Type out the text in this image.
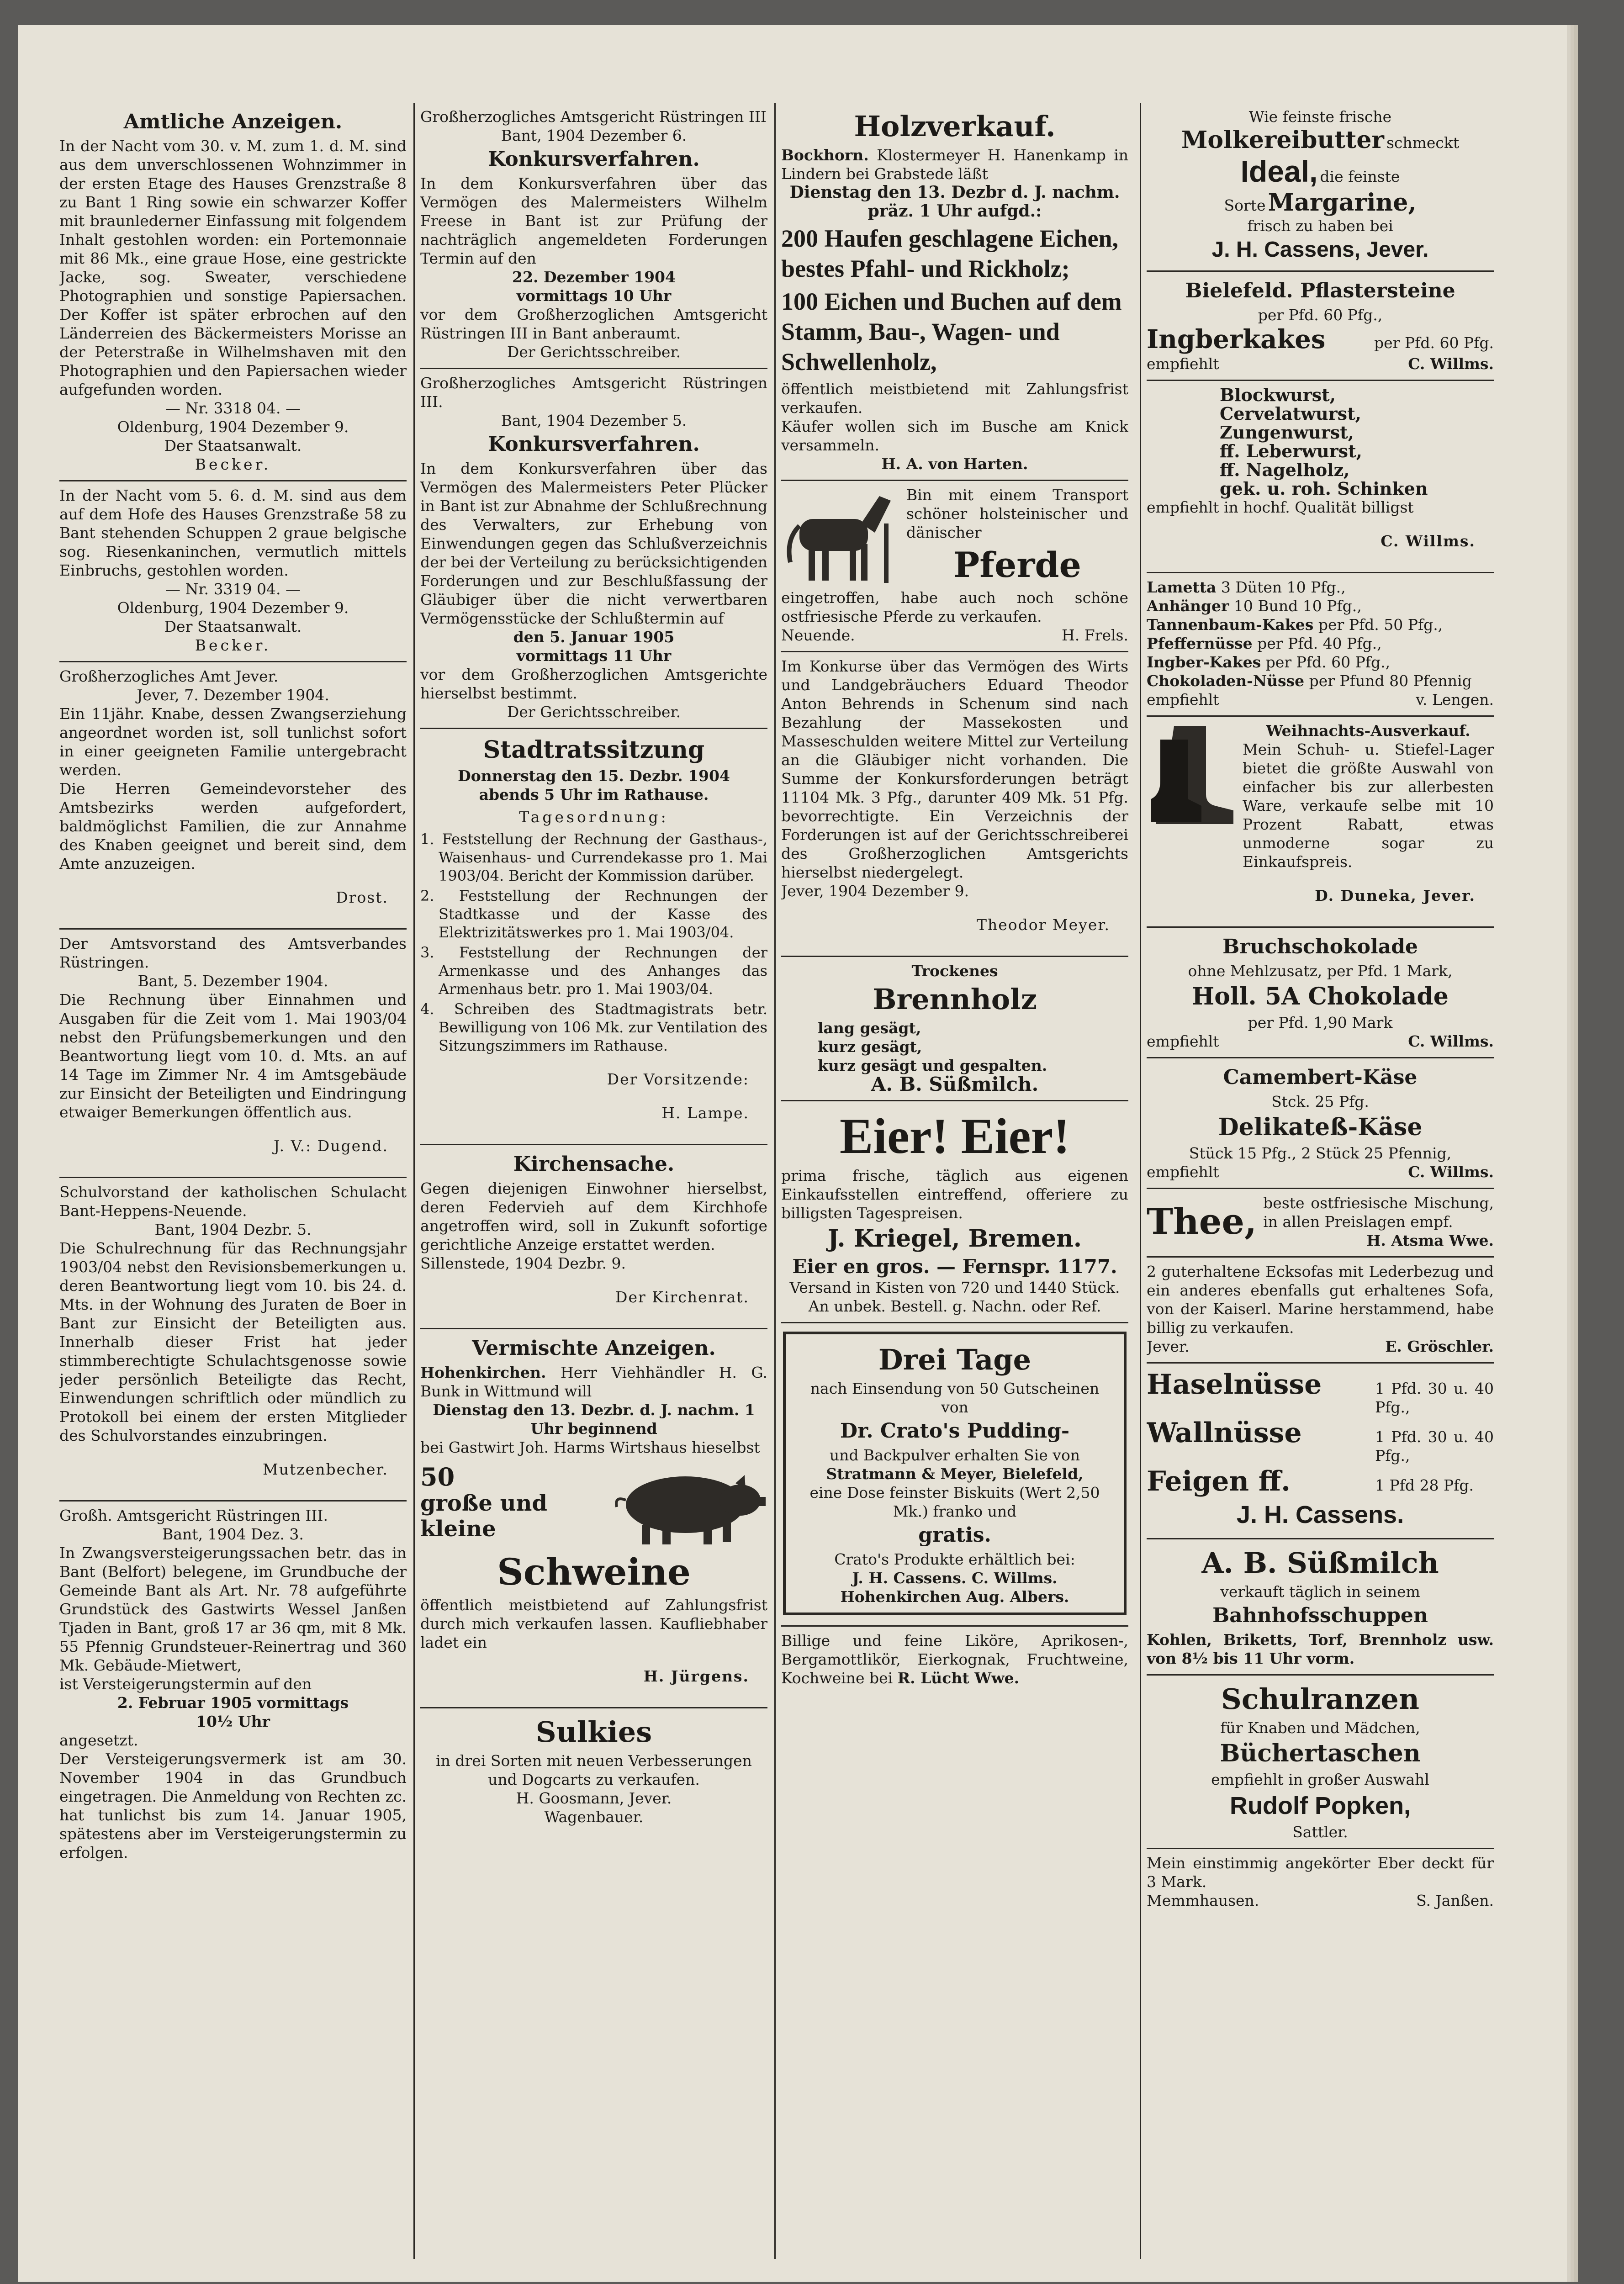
Amtliche Anzeigen.

In der Nacht vom 30. v. M. zum 1. d. M. sind aus dem unverschlossenen Wohnzimmer in der ersten Etage des Hauses Grenzstraße 8 zu Bant 1 Ring sowie ein schwarzer Koffer mit braunlederner Einfassung mit folgendem Inhalt gestohlen worden: ein Portemonnaie mit 86 Mk., eine graue Hose, eine gestrickte Jacke, sog. Sweater, verschiedene Photographien und sonstige Papiersachen. Der Koffer ist später erbrochen auf den Länderreien des Bäckermeisters Morisse an der Peterstraße in Wilhelmshaven mit den Photographien und den Papiersachen wieder aufgefunden worden.

— Nr. 3318 04. —

Oldenburg, 1904 Dezember 9.

Der Staatsanwalt.

Becker.

In der Nacht vom 5. 6. d. M. sind aus dem auf dem Hofe des Hauses Grenzstraße 58 zu Bant stehenden Schuppen 2 graue belgische sog. Riesenkaninchen, vermutlich mittels Einbruchs, gestohlen worden.

— Nr. 3319 04. —

Oldenburg, 1904 Dezember 9.

Der Staatsanwalt.

Becker.

Großherzogliches Amt Jever.

Jever, 7. Dezember 1904.

Ein 11jähr. Knabe, dessen Zwangserziehung angeordnet worden ist, soll tunlichst sofort in einer geeigneten Familie untergebracht werden.

Die Herren Gemeindevorsteher des Amtsbezirks werden aufgefordert, baldmöglichst Familien, die zur Annahme des Knaben geeignet und bereit sind, dem Amte anzuzeigen.

Drost.

Der Amtsvorstand des Amtsverbandes Rüstringen.

Bant, 5. Dezember 1904.

Die Rechnung über Einnahmen und Ausgaben für die Zeit vom 1. Mai 1903/04 nebst den Prüfungsbemerkungen und den Beantwortung liegt vom 10. d. Mts. an auf 14 Tage im Zimmer Nr. 4 im Amtsgebäude zur Einsicht der Beteiligten und Eindringung etwaiger Bemerkungen öffentlich aus.

J. V.: Dugend.

Schulvorstand der katholischen Schulacht Bant-Heppens-Neuende.

Bant, 1904 Dezbr. 5.

Die Schulrechnung für das Rechnungsjahr 1903/04 nebst den Revisionsbemerkungen u. deren Beantwortung liegt vom 10. bis 24. d. Mts. in der Wohnung des Juraten de Boer in Bant zur Einsicht der Beteiligten aus. Innerhalb dieser Frist hat jeder stimmberechtigte Schulachtsgenosse sowie jeder persönlich Beteiligte das Recht, Einwendungen schriftlich oder mündlich zu Protokoll bei einem der ersten Mitglieder des Schulvorstandes einzubringen.

Mutzenbecher.

Großh. Amtsgericht Rüstringen III.

Bant, 1904 Dez. 3.

In Zwangsversteigerungssachen betr. das in Bant (Belfort) belegene, im Grundbuche der Gemeinde Bant als Art. Nr. 78 aufgeführte Grundstück des Gastwirts Wessel Janßen Tjaden in Bant, groß 17 ar 36 qm, mit 8 Mk. 55 Pfennig Grundsteuer-Reinertrag und 360 Mk. Gebäude-Mietwert,

ist Versteigerungstermin auf den

2. Februar 1905 vormittags

10½ Uhr

angesetzt.

Der Versteigerungsvermerk ist am 30. November 1904 in das Grundbuch eingetragen. Die Anmeldung von Rechten zc. hat tunlichst bis zum 14. Januar 1905, spätestens aber im Versteigerungstermin zu erfolgen.

Großherzogliches Amtsgericht Rüstringen III

Bant, 1904 Dezember 6.

Konkursverfahren.

In dem Konkursverfahren über das Vermögen des Malermeisters Wilhelm Freese in Bant ist zur Prüfung der nachträglich angemeldeten Forderungen Termin auf den

22. Dezember 1904

vormittags 10 Uhr

vor dem Großherzoglichen Amtsgericht Rüstringen III in Bant anberaumt.

Der Gerichtsschreiber.

Großherzogliches Amtsgericht Rüstringen III.

Bant, 1904 Dezember 5.

Konkursverfahren.

In dem Konkursverfahren über das Vermögen des Malermeisters Peter Plücker in Bant ist zur Abnahme der Schlußrechnung des Verwalters, zur Erhebung von Einwendungen gegen das Schlußverzeichnis der bei der Verteilung zu berücksichtigenden Forderungen und zur Beschlußfassung der Gläubiger über die nicht verwertbaren Vermögensstücke der Schlußtermin auf

den 5. Januar 1905

vormittags 11 Uhr

vor dem Großherzoglichen Amtsgerichte hierselbst bestimmt.

Der Gerichtsschreiber.

Stadtratssitzung

Donnerstag den 15. Dezbr. 1904

abends 5 Uhr im Rathause.

Tagesordnung:

1. Feststellung der Rechnung der Gasthaus-, Waisenhaus- und Currendekasse pro 1. Mai 1903/04. Bericht der Kommission darüber.

2. Feststellung der Rechnungen der Stadtkasse und der Kasse des Elektrizitätswerkes pro 1. Mai 1903/04.

3. Feststellung der Rechnungen der Armenkasse und des Anhanges das Armenhaus betr. pro 1. Mai 1903/04.

4. Schreiben des Stadtmagistrats betr. Bewilligung von 106 Mk. zur Ventilation des Sitzungszimmers im Rathause.

Der Vorsitzende:

H. Lampe.

Kirchensache.

Gegen diejenigen Einwohner hierselbst, deren Federvieh auf dem Kirchhofe angetroffen wird, soll in Zukunft sofortige gerichtliche Anzeige erstattet werden.

Sillenstede, 1904 Dezbr. 9.

Der Kirchenrat.

Vermischte Anzeigen.

Hohenkirchen. Herr Viehhändler H. G. Bunk in Wittmund will

Dienstag den 13. Dezbr. d. J. nachm. 1 Uhr beginnend

bei Gastwirt Joh. Harms Wirtshaus hieselbst

50
große und
kleine
Schweine

öffentlich meistbietend auf Zahlungsfrist durch mich verkaufen lassen. Kaufliebhaber ladet ein

H. Jürgens.

Sulkies

in drei Sorten mit neuen Verbesserungen und Dogcarts zu verkaufen.

H. Goosmann, Jever.

Wagenbauer.

Holzverkauf.

Bockhorn. Klostermeyer H. Hanenkamp in Lindern bei Grabstede läßt

Dienstag den 13. Dezbr d. J. nachm. präz. 1 Uhr aufgd.:

200 Haufen geschlagene Eichen, bestes Pfahl- und Rickholz;

100 Eichen und Buchen auf dem Stamm, Bau-, Wagen- und Schwellenholz,

öffentlich meistbietend mit Zahlungsfrist verkaufen.

Käufer wollen sich im Busche am Knick versammeln.

H. A. von Harten.

Bin mit einem Transport schöner holsteinischer und dänischer

Pferde

eingetroffen, habe auch noch schöne ostfriesische Pferde zu verkaufen.

Neuende.	H. Frels.

Im Konkurse über das Vermögen des Wirts und Landgebräuchers Eduard Theodor Anton Behrends in Schenum sind nach Bezahlung der Massekosten und Masseschulden weitere Mittel zur Verteilung an die Gläubiger nicht vorhanden. Die Summe der Konkursforderungen beträgt 11104 Mk. 3 Pfg., darunter 409 Mk. 51 Pfg. bevorrechtigte. Ein Verzeichnis der Forderungen ist auf der Gerichtsschreiberei des Großherzoglichen Amtsgerichts hierselbst niedergelegt.

Jever, 1904 Dezember 9.

Theodor Meyer.

Trockenes

Brennholz

lang gesägt,

kurz gesägt,

kurz gesägt und gespalten.

A. B. Süßmilch.

Eier! Eier!

prima frische, täglich aus eigenen Einkaufsstellen eintreffend, offeriere zu billigsten Tagespreisen.

J. Kriegel, Bremen.

Eier en gros. — Fernspr. 1177.

Versand in Kisten von 720 und 1440 Stück.

An unbek. Bestell. g. Nachn. oder Ref.

Drei Tage

nach Einsendung von 50 Gutscheinen von

Dr. Crato's Pudding-

und Backpulver erhalten Sie von

Stratmann & Meyer, Bielefeld,

eine Dose feinster Biskuits (Wert 2,50 Mk.) franko und

gratis.

Crato's Produkte erhältlich bei:

J. H. Cassens. C. Willms.

Hohenkirchen Aug. Albers.

Billige und feine Liköre, Aprikosen-, Bergamottlikör, Eierkognak, Fruchtweine, Kochweine bei R. Lücht Wwe.

Wie feinste frische

Molkereibutter schmeckt
Ideal, die feinste
Sorte Margarine,

frisch zu haben bei

J. H. Cassens, Jever.

Bielefeld. Pflastersteine

per Pfd. 60 Pfg.,

Ingberkakes	per Pfd. 60 Pfg.
empfiehlt	C. Willms.

Blockwurst,

Cervelatwurst,

Zungenwurst,

ff. Leberwurst,

ff. Nagelholz,

gek. u. roh. Schinken

empfiehlt in hochf. Qualität billigst

C. Willms.

Lametta 3 Düten 10 Pfg.,

Anhänger 10 Bund 10 Pfg.,

Tannenbaum-Kakes per Pfd. 50 Pfg.,

Pfeffernüsse per Pfd. 40 Pfg.,

Ingber-Kakes per Pfd. 60 Pfg.,

Chokoladen-Nüsse per Pfund 80 Pfennig

empfiehlt	v. Lengen.

Weihnachts-Ausverkauf.

Mein Schuh- u. Stiefel-Lager bietet die größte Auswahl von einfacher bis zur allerbesten Ware, verkaufe selbe mit 10 Prozent Rabatt, etwas unmoderne sogar zu Einkaufspreis.

D. Duneka, Jever.

Bruchschokolade

ohne Mehlzusatz, per Pfd. 1 Mark,

Holl. 5A Chokolade

per Pfd. 1,90 Mark

empfiehlt	C. Willms.
Camembert-Käse

Stck. 25 Pfg.

Delikateß-Käse

Stück 15 Pfg., 2 Stück 25 Pfennig,

empfiehlt	C. Willms.
Thee, beste ostfriesische Mischung, in allen Preislagen empf.

H. Atsma Wwe.

2 guterhaltene Ecksofas mit Lederbezug und ein anderes ebenfalls gut erhaltenes Sofa, von der Kaiserl. Marine herstammend, habe billig zu verkaufen.

Jever.	E. Gröschler.
Haselnüsse	1 Pfd. 30 u. 40 Pfg.,
Wallnüsse	1 Pfd. 30 u. 40 Pfg.,
Feigen ff.	1 Pfd 28 Pfg.

J. H. Cassens.

A. B. Süßmilch

verkauft täglich in seinem

Bahnhofsschuppen

Kohlen, Briketts, Torf, Brennholz usw. von 8½ bis 11 Uhr vorm.

Schulranzen

für Knaben und Mädchen,

Büchertaschen

empfiehlt in großer Auswahl

Rudolf Popken,

Sattler.

Mein einstimmig angekörter Eber deckt für 3 Mark.

Memmhausen.	S. Janßen.
